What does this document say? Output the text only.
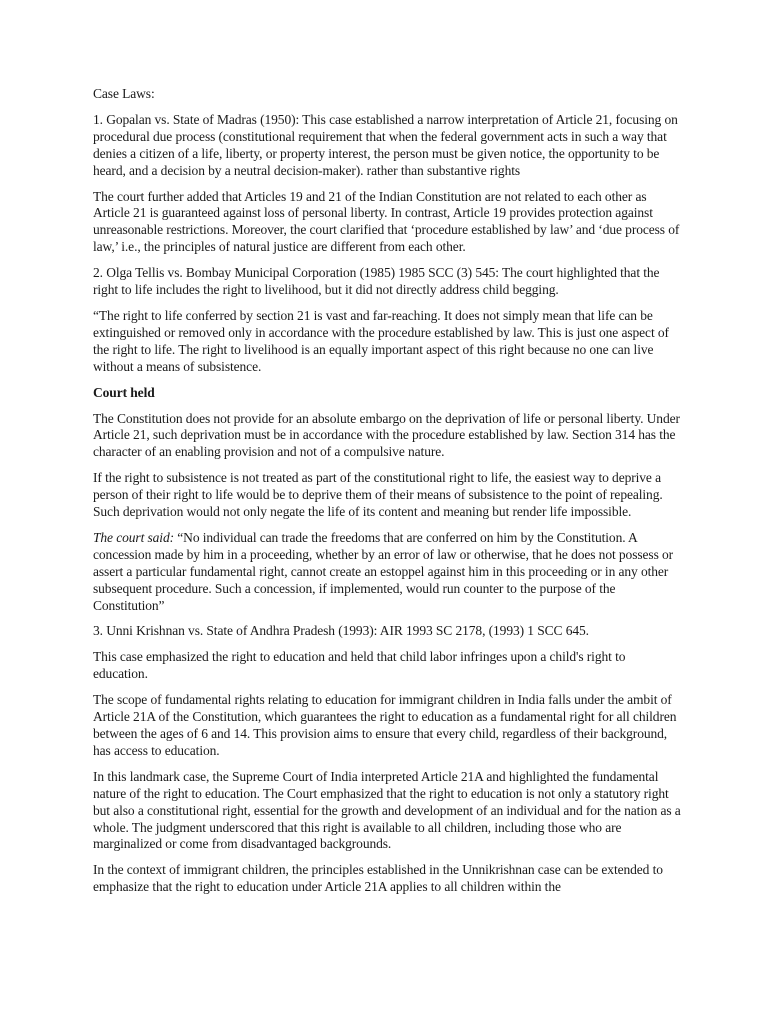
Case Laws:

1. Gopalan vs. State of Madras (1950): This case established a narrow interpretation of Article 21, focusing on procedural due process (constitutional requirement that when the federal government acts in such a way that denies a citizen of a life, liberty, or property interest, the person must be given notice, the opportunity to be heard, and a decision by a neutral decision-maker). rather than substantive rights

The court further added that Articles 19 and 21 of the Indian Constitution are not related to each other as Article 21 is guaranteed against loss of personal liberty. In contrast, Article 19 provides protection against unreasonable restrictions. Moreover, the court clarified that ‘procedure established by law’ and ‘due process of law,’ i.e., the principles of natural justice are different from each other.

2. Olga Tellis vs. Bombay Municipal Corporation (1985) 1985 SCC (3) 545: The court highlighted that the right to life includes the right to livelihood, but it did not directly address child begging.

“The right to life conferred by section 21 is vast and far-reaching. It does not simply mean that life can be extinguished or removed only in accordance with the procedure established by law. This is just one aspect of the right to life. The right to livelihood is an equally important aspect of this right because no one can live without a means of subsistence.

Court held

The Constitution does not provide for an absolute embargo on the deprivation of life or personal liberty. Under Article 21, such deprivation must be in accordance with the procedure established by law. Section 314 has the character of an enabling provision and not of a compulsive nature.

If the right to subsistence is not treated as part of the constitutional right to life, the easiest way to deprive a person of their right to life would be to deprive them of their means of subsistence to the point of repealing. Such deprivation would not only negate the life of its content and meaning but render life impossible.

The court said: “No individual can trade the freedoms that are conferred on him by the Constitution. A concession made by him in a proceeding, whether by an error of law or otherwise, that he does not possess or assert a particular fundamental right, cannot create an estoppel against him in this proceeding or in any other subsequent procedure. Such a concession, if implemented, would run counter to the purpose of the Constitution”

3. Unni Krishnan vs. State of Andhra Pradesh (1993): AIR 1993 SC 2178, (1993) 1 SCC 645.

This case emphasized the right to education and held that child labor infringes upon a child's right to education.

The scope of fundamental rights relating to education for immigrant children in India falls under the ambit of Article 21A of the Constitution, which guarantees the right to education as a fundamental right for all children between the ages of 6 and 14. This provision aims to ensure that every child, regardless of their background, has access to education.

In this landmark case, the Supreme Court of India interpreted Article 21A and highlighted the fundamental nature of the right to education. The Court emphasized that the right to education is not only a statutory right but also a constitutional right, essential for the growth and development of an individual and for the nation as a whole. The judgment underscored that this right is available to all children, including those who are marginalized or come from disadvantaged backgrounds.

In the context of immigrant children, the principles established in the Unnikrishnan case can be extended to emphasize that the right to education under Article 21A applies to all children within the
